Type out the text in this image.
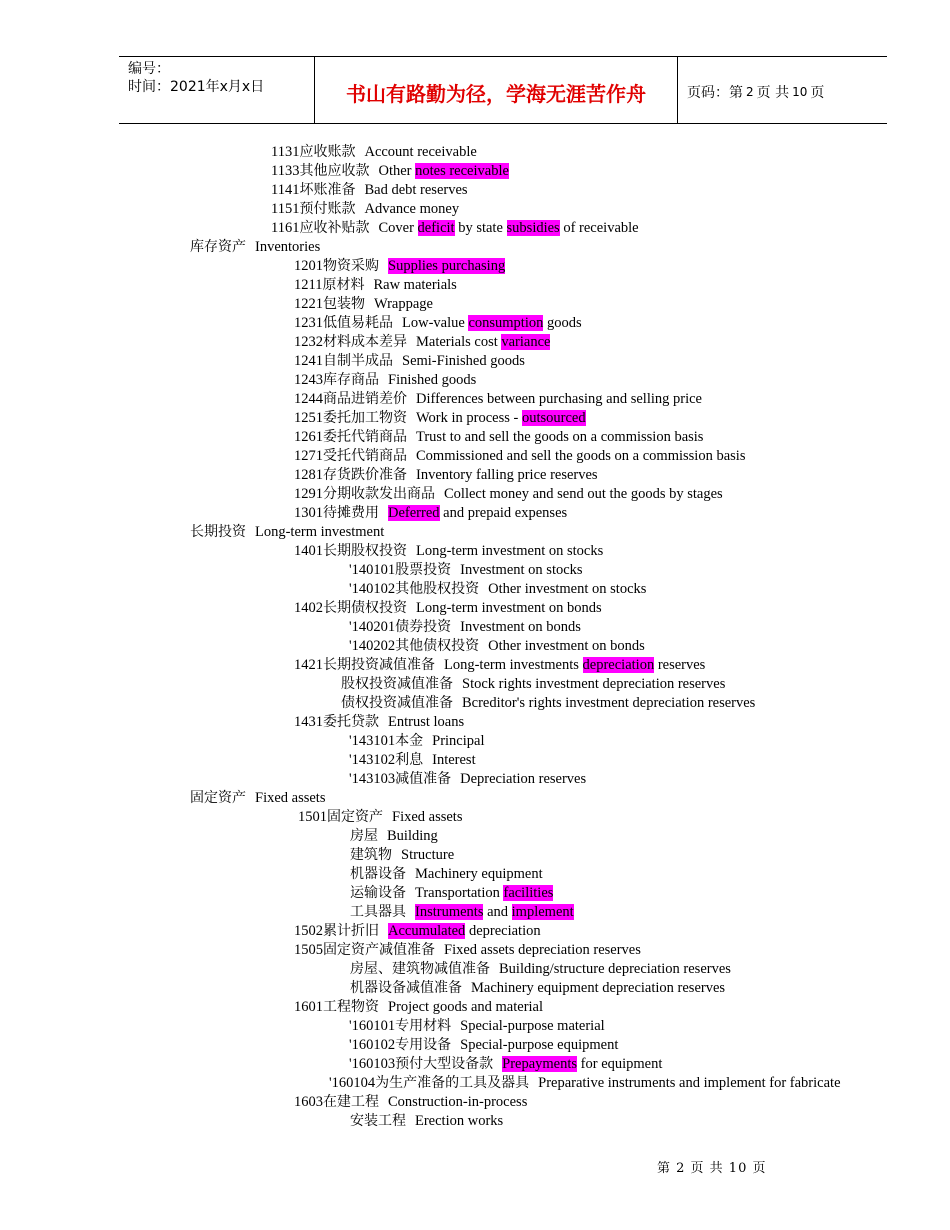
编号：
时间：2021年x月x日	书山有路勤为径，学海无涯苦作舟	页码：第 2 页 共 10 页
1131应收账款 Account receivable
1133其他应收款 Other notes receivable
1141坏账准备 Bad debt reserves
1151预付账款 Advance money
1161应收补贴款 Cover deficit by state subsidies of receivable
库存资产 Inventories
1201物资采购 Supplies purchasing
1211原材料 Raw materials
1221包装物 Wrappage
1231低值易耗品 Low-value consumption goods
1232材料成本差异 Materials cost variance
1241自制半成品 Semi-Finished goods
1243库存商品 Finished goods
1244商品进销差价 Differences between purchasing and selling price
1251委托加工物资 Work in process - outsourced
1261委托代销商品 Trust to and sell the goods on a commission basis
1271受托代销商品 Commissioned and sell the goods on a commission basis
1281存货跌价准备 Inventory falling price reserves
1291分期收款发出商品 Collect money and send out the goods by stages
1301待摊费用 Deferred and prepaid expenses
长期投资 Long-term investment
1401长期股权投资 Long-term investment on stocks
'140101股票投资 Investment on stocks
'140102其他股权投资 Other investment on stocks
1402长期债权投资 Long-term investment on bonds
'140201债券投资 Investment on bonds
'140202其他债权投资 Other investment on bonds
1421长期投资减值准备 Long-term investments depreciation reserves
股权投资减值准备 Stock rights investment depreciation reserves
债权投资减值准备 Bcreditor's rights investment depreciation reserves
1431委托贷款 Entrust loans
'143101本金 Principal
'143102利息 Interest
'143103减值准备 Depreciation reserves
固定资产 Fixed assets
1501固定资产 Fixed assets
房屋 Building
建筑物 Structure
机器设备 Machinery equipment
运输设备 Transportation facilities
工具器具 Instruments and implement
1502累计折旧 Accumulated depreciation
1505固定资产减值准备 Fixed assets depreciation reserves
房屋、建筑物减值准备 Building/structure depreciation reserves
机器设备减值准备 Machinery equipment depreciation reserves
1601工程物资 Project goods and material
'160101专用材料 Special-purpose material
'160102专用设备 Special-purpose equipment
'160103预付大型设备款 Prepayments for equipment
'160104为生产准备的工具及器具 Preparative instruments and implement for fabricate
1603在建工程 Construction-in-process
安装工程 Erection works
第 2 页 共 10 页
